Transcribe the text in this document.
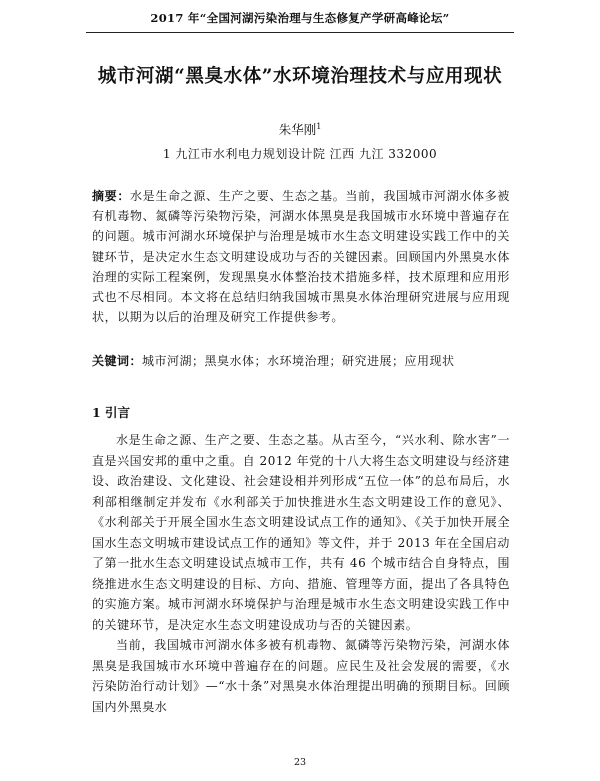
2017 年“全国河湖污染治理与生态修复产学研高峰论坛”
城市河湖“黑臭水体”水环境治理技术与应用现状
朱华刚$^1$
1 九江市水利电力规划设计院 江西 九江 332000
摘要：水是生命之源、生产之要、生态之基。当前，我国城市河湖水体多被有机毒物、氮磷等污染物污染，河湖水体黑臭是我国城市水环境中普遍存在的问题。城市河湖水环境保护与治理是城市水生态文明建设实践工作中的关键环节，是决定水生态文明建设成功与否的关键因素。回顾国内外黑臭水体治理的实际工程案例，发现黑臭水体整治技术措施多样，技术原理和应用形式也不尽相同。本文将在总结归纳我国城市黑臭水体治理研究进展与应用现状，以期为以后的治理及研究工作提供参考。
关键词：城市河湖；黑臭水体；水环境治理；研究进展；应用现状
1 引言

水是生命之源、生产之要、生态之基。从古至今，“兴水利、除水害”一直是兴国安邦的重中之重。自 2012 年党的十八大将生态文明建设与经济建设、政治建设、文化建设、社会建设相并列形成“五位一体”的总布局后，水利部相继制定并发布《水利部关于加快推进水生态文明建设工作的意见》、《水利部关于开展全国水生态文明建设试点工作的通知》、《关于加快开展全国水生态文明城市建设试点工作的通知》等文件，并于 2013 年在全国启动了第一批水生态文明建设试点城市工作，共有 46 个城市结合自身特点，围绕推进水生态文明建设的目标、方向、措施、管理等方面，提出了各具特色的实施方案。城市河湖水环境保护与治理是城市水生态文明建设实践工作中的关键环节，是决定水生态文明建设成功与否的关键因素。

当前，我国城市河湖水体多被有机毒物、氮磷等污染物污染，河湖水体黑臭是我国城市水环境中普遍存在的问题。应民生及社会发展的需要，《水污染防治行动计划》—“水十条”对黑臭水体治理提出明确的预期目标。回顾国内外黑臭水

23
